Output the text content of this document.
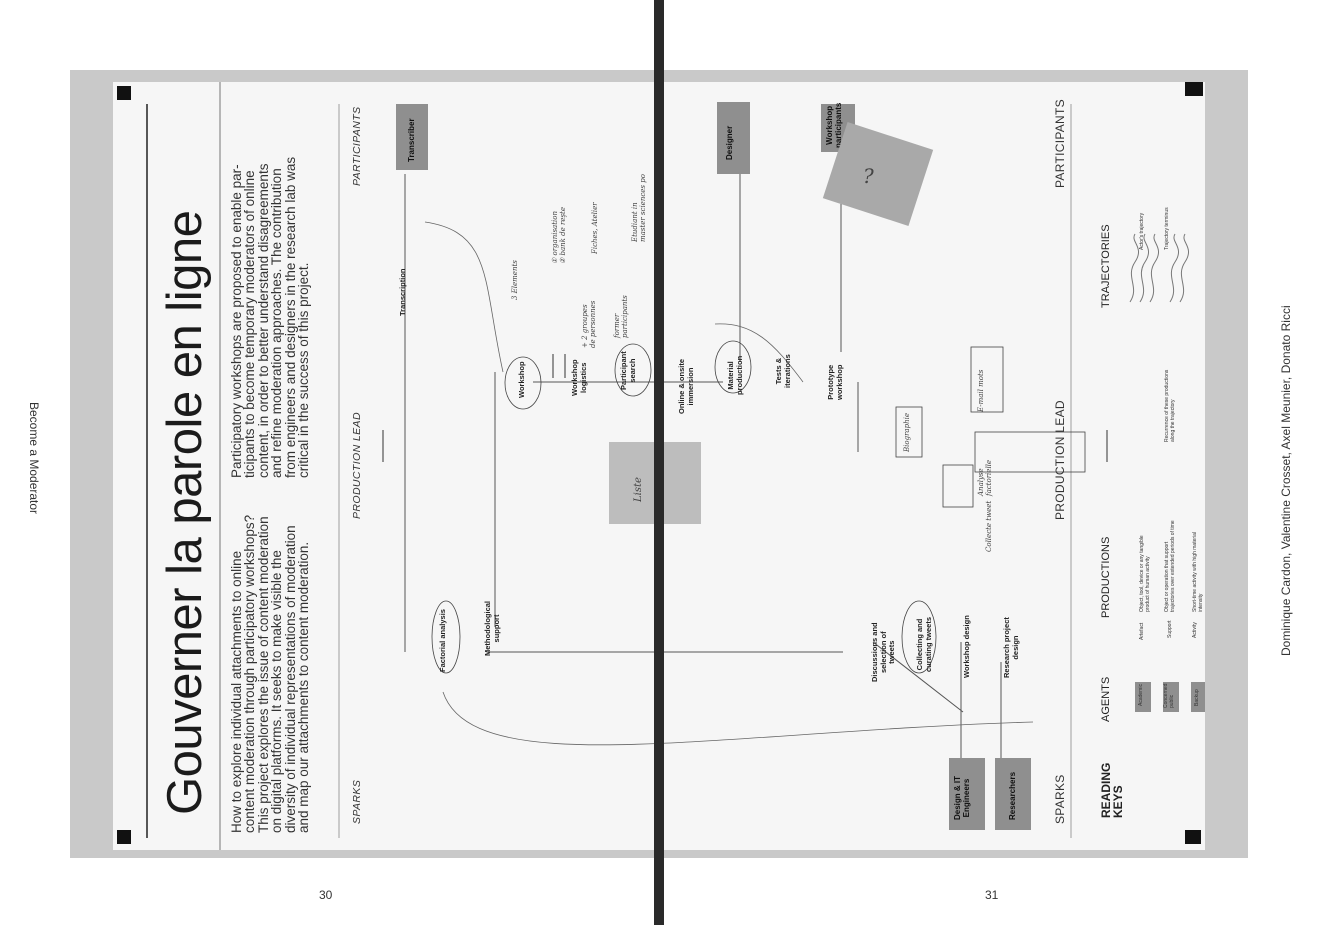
Dominique Cardon, Valentine Crosset, Axel Meunier, Donato Ricci
Become a Moderator
30	31
Gouverner la parole en ligne
How to explore individual attachments to online
content moderation through participatory workshops?
This project explores the issue of content moderation
on digital platforms. It seeks to make visible the
diversity of individual representations of moderation
and map our attachments to content moderation.
Participatory workshops are proposed to enable par-
ticipants to become temporary moderators of online
content, in order to better understand disagreements
and refine moderation approaches. The contribution
from engineers and designers in the research lab was
critical in the success of this project.
SPARKS
PRODUCTION LEAD
PARTICIPANTS
SPARKS
PRODUCTION LEAD
PARTICIPANTS
Transcriber	Designer	Workshop
participants
Design & IT
Engineers	Researchers
Transcription
Workshop	Workshop
logistics	Participant
search
Online & onsite
immersion	Material
production	Tests &
iterations	Prototype
workshop
Factorial analysis	Methodological
support
Discussions and
selection of
tweets	Collecting and
curating tweets	Workshop design	Research project
design
3 Elements	① organisation
② bank de reşte	Fiches, Atelier	Etudiant in
master sciences po
+ 2 groupes
de personnes former
participants
Biographie
Analyse
factorielle
E-mail mots
Collecte tweet
Liste
?
READING
KEYS
AGENTS	Academic	Concerned
public	Backup
PRODUCTIONS
Artefact
Object, tool, device or any tangible
product of human activity
Support
Object or operation that support
trajectories over extended periods of time
Activity
Short-time activity with high material
intensity
Recurrence of these productions
along the trajectory
TRAJECTORIES	Actor's trajectory	Trajectory terminus
